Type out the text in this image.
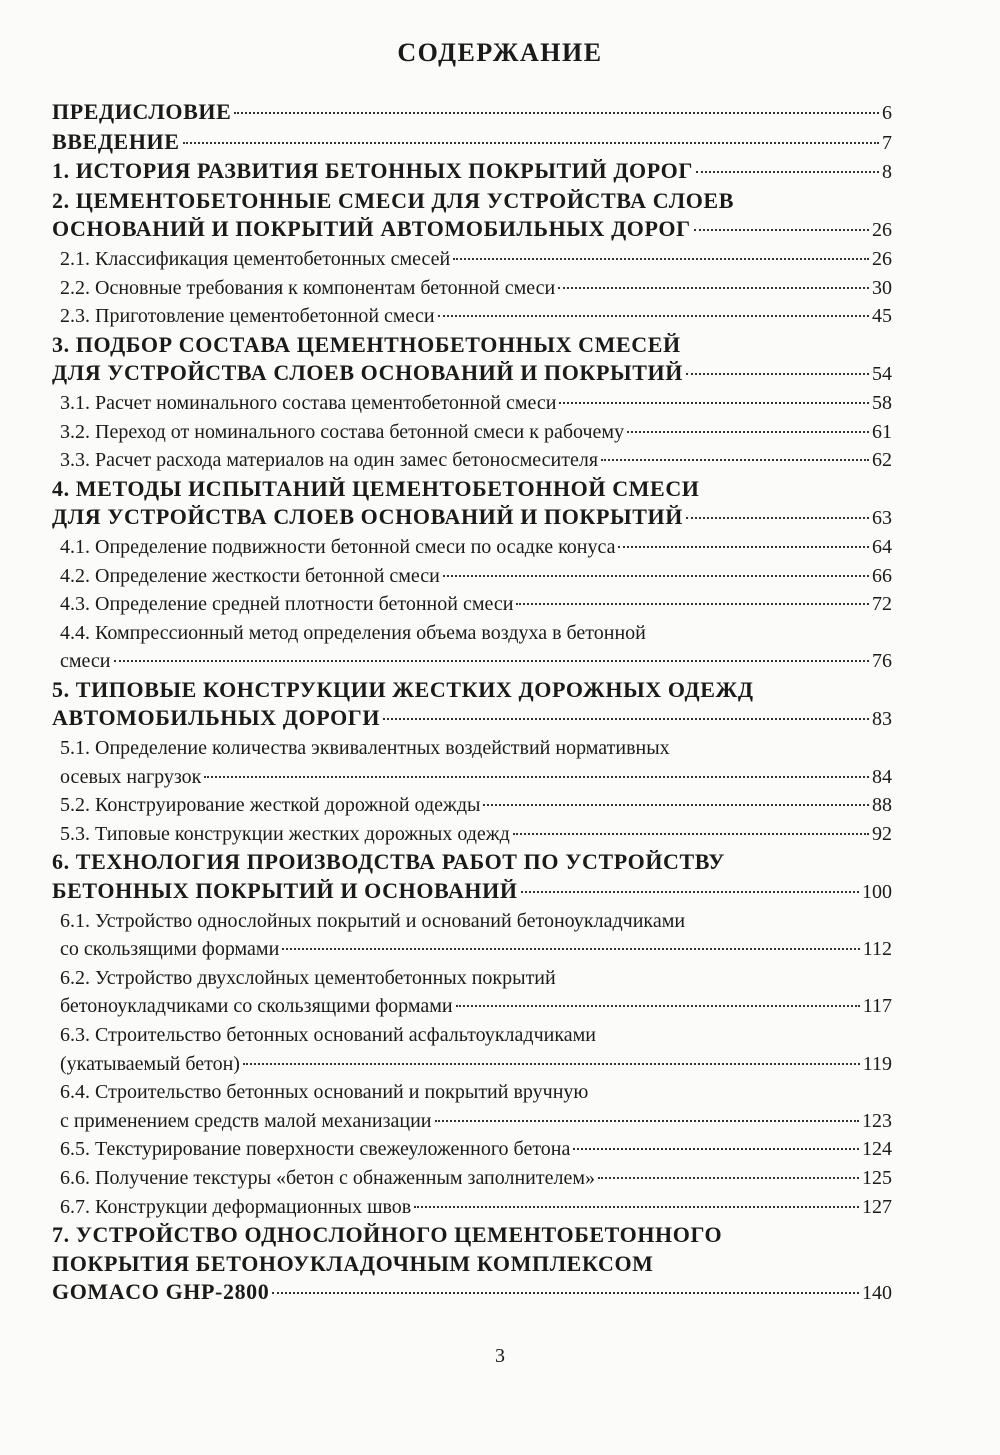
СОДЕРЖАНИЕ
ПРЕДИСЛОВИЕ	6
ВВЕДЕНИЕ	7
1. ИСТОРИЯ РАЗВИТИЯ БЕТОННЫХ ПОКРЫТИЙ ДОРОГ	8
2. ЦЕМЕНТОБЕТОННЫЕ СМЕСИ ДЛЯ УСТРОЙСТВА СЛОЕВ
ОСНОВАНИЙ И ПОКРЫТИЙ АВТОМОБИЛЬНЫХ ДОРОГ	26
2.1. Классификация цементобетонных смесей	26
2.2. Основные требования к компонентам бетонной смеси	30
2.3. Приготовление цементобетонной смеси	45
3. ПОДБОР СОСТАВА ЦЕМЕНТНОБЕТОННЫХ СМЕСЕЙ
ДЛЯ УСТРОЙСТВА СЛОЕВ ОСНОВАНИЙ И ПОКРЫТИЙ	54
3.1. Расчет номинального состава цементобетонной смеси	58
3.2. Переход от номинального состава бетонной смеси к рабочему	61
3.3. Расчет расхода материалов на один замес бетоносмесителя	62
4. МЕТОДЫ ИСПЫТАНИЙ ЦЕМЕНТОБЕТОННОЙ СМЕСИ
ДЛЯ УСТРОЙСТВА СЛОЕВ ОСНОВАНИЙ И ПОКРЫТИЙ	63
4.1. Определение подвижности бетонной смеси по осадке конуса	64
4.2. Определение жесткости бетонной смеси	66
4.3. Определение средней плотности бетонной смеси	72
4.4. Компрессионный метод определения объема воздуха в бетонной
смеси	76
5. ТИПОВЫЕ КОНСТРУКЦИИ ЖЕСТКИХ ДОРОЖНЫХ ОДЕЖД
АВТОМОБИЛЬНЫХ ДОРОГИ	83
5.1. Определение количества эквивалентных воздействий нормативных
осевых нагрузок	84
5.2. Конструирование жесткой дорожной одежды	88
5.3. Типовые конструкции жестких дорожных одежд	92
6. ТЕХНОЛОГИЯ ПРОИЗВОДСТВА РАБОТ ПО УСТРОЙСТВУ
БЕТОННЫХ ПОКРЫТИЙ И ОСНОВАНИЙ	100
6.1. Устройство однослойных покрытий и оснований бетоноукладчиками
со скользящими формами	112
6.2. Устройство двухслойных цементобетонных покрытий
бетоноукладчиками со скользящими формами	117
6.3. Строительство бетонных оснований асфальтоукладчиками
(укатываемый бетон)	119
6.4. Строительство бетонных оснований и покрытий вручную
с применением средств малой механизации	123
6.5. Текстурирование поверхности свежеуложенного бетона	124
6.6. Получение текстуры «бетон с обнаженным заполнителем»	125
6.7. Конструкции деформационных швов	127
7. УСТРОЙСТВО ОДНОСЛОЙНОГО ЦЕМЕНТОБЕТОННОГО
ПОКРЫТИЯ БЕТОНОУКЛАДОЧНЫМ КОМПЛЕКСОМ
GOMACO GHP-2800	140
3
